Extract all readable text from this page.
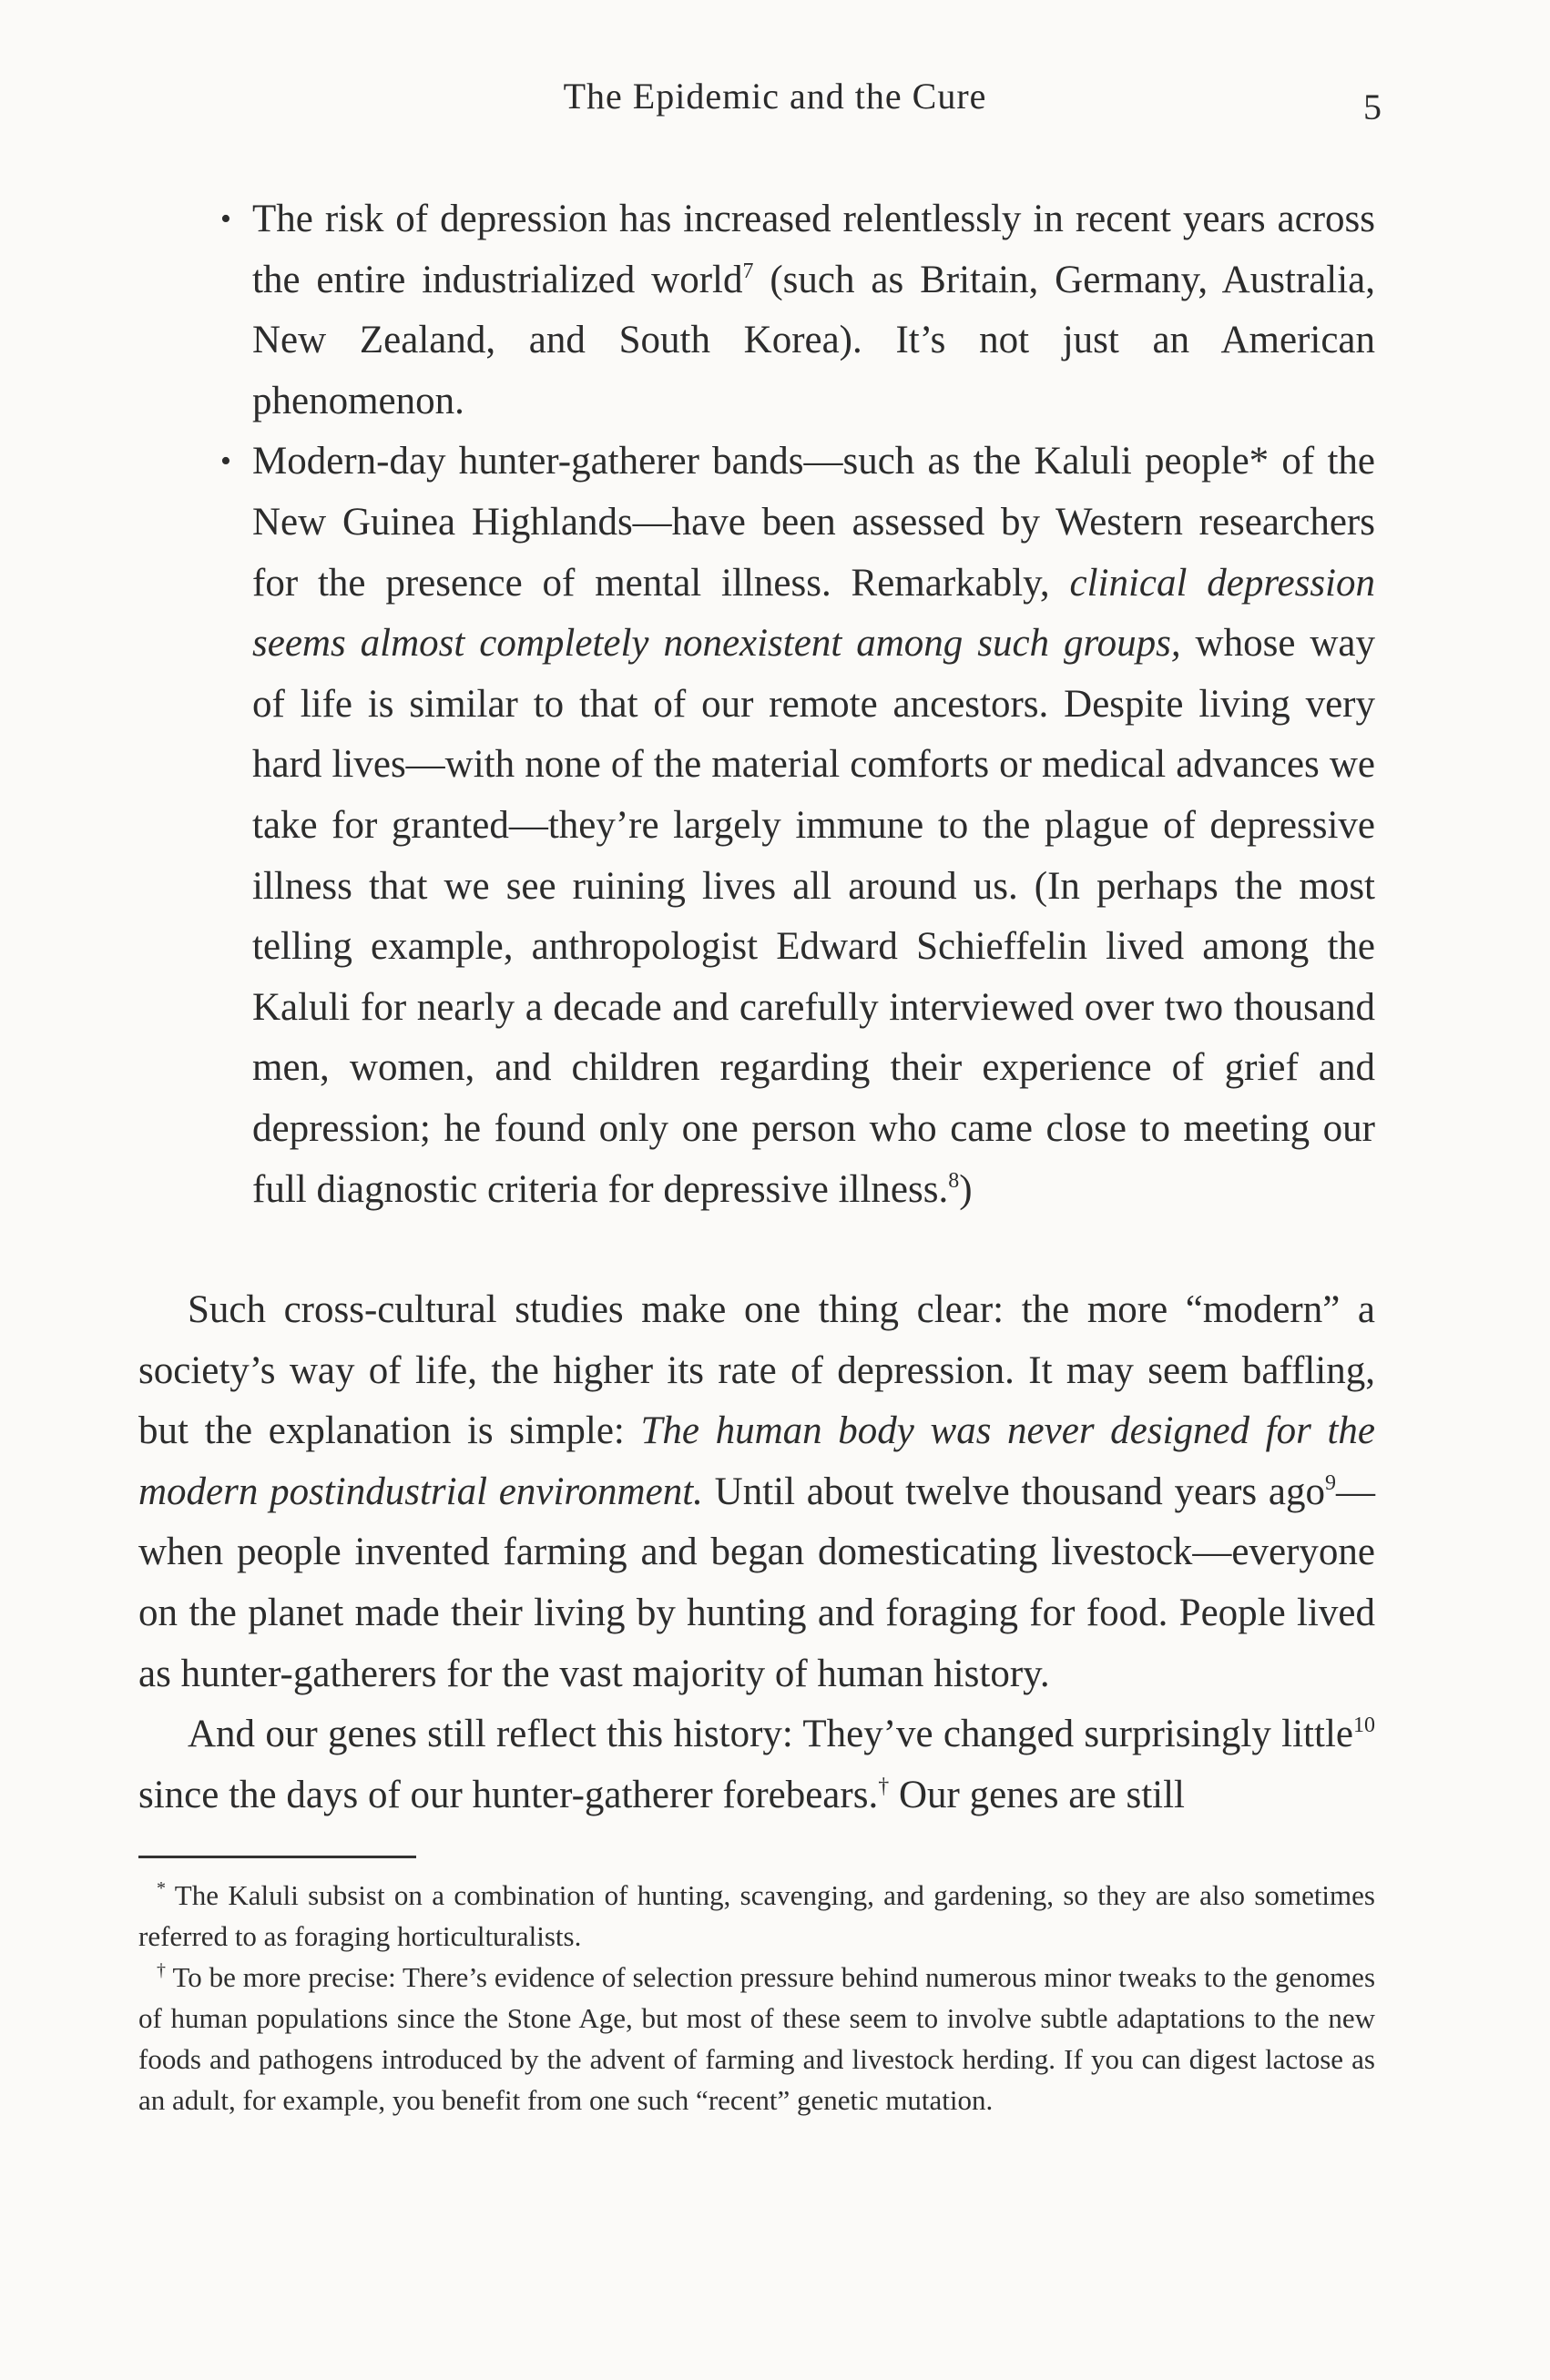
The Epidemic and the Cure	5
• The risk of depression has increased relentlessly in recent years across the entire industrialized world$^7$ (such as Britain, Germany, Australia, New Zealand, and South Korea). It’s not just an American phenomenon.
• Modern-day hunter-gatherer bands—such as the Kaluli people* of the New Guinea Highlands—have been assessed by Western researchers for the presence of mental illness. Remarkably, clinical depression seems almost completely nonexistent among such groups, whose way of life is similar to that of our remote ancestors. Despite living very hard lives—with none of the material comforts or medical advances we take for granted—they’re largely immune to the plague of depressive illness that we see ruining lives all around us. (In perhaps the most telling example, anthropologist Edward Schieffelin lived among the Kaluli for nearly a decade and carefully interviewed over two thousand men, women, and children regarding their experience of grief and depression; he found only one person who came close to meeting our full diagnostic criteria for depressive illness.$^8$)

Such cross-cultural studies make one thing clear: the more “modern” a society’s way of life, the higher its rate of depression. It may seem baffling, but the explanation is simple: The human body was never designed for the modern postindustrial environment. Until about twelve thousand years ago$^9$—when people invented farming and began domesticating livestock—everyone on the planet made their living by hunting and foraging for food. People lived as hunter-gatherers for the vast majority of human history.

And our genes still reflect this history: They’ve changed surprisingly little$^{10}$ since the days of our hunter-gatherer forebears.† Our genes are still

* The Kaluli subsist on a combination of hunting, scavenging, and gardening, so they are also sometimes referred to as foraging horticulturalists.

† To be more precise: There’s evidence of selection pressure behind numerous minor tweaks to the genomes of human populations since the Stone Age, but most of these seem to involve subtle adaptations to the new foods and pathogens introduced by the advent of farming and livestock herding. If you can digest lactose as an adult, for example, you benefit from one such “recent” genetic mutation.
